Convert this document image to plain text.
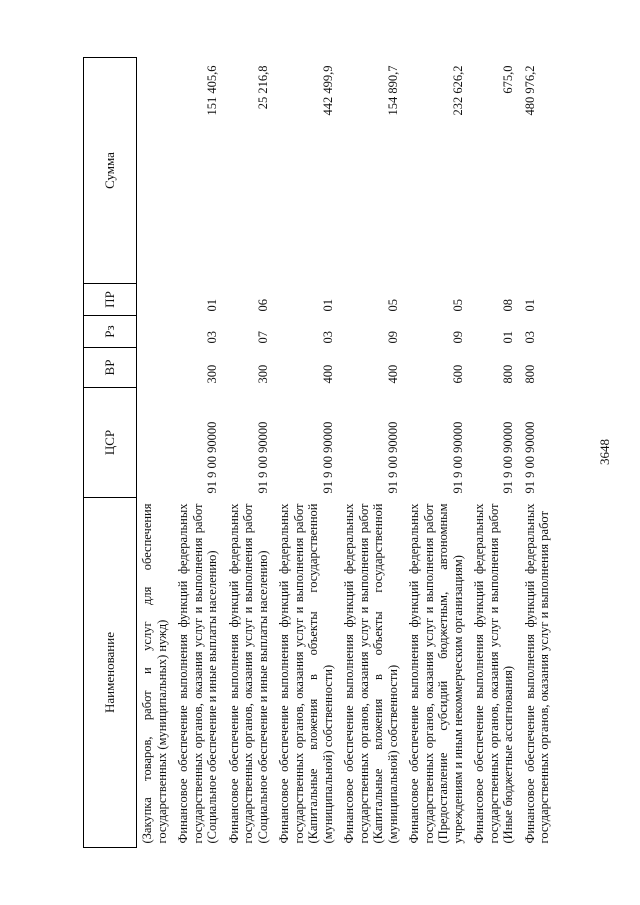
3648
Наименование	ЦСР	ВР	Рз	ПР	Сумма
(Закупка товаров, работ и услуг для обеспечения государственных (муниципальных) нужд)					
Финансовое обеспечение выполнения функций федеральных государственных органов, оказания услуг и выполнения работ (Социальное обеспечение и иные выплаты населению)	91 9 00 90000	300	03	01	151 405,6
Финансовое обеспечение выполнения функций федеральных государственных органов, оказания услуг и выполнения работ (Социальное обеспечение и иные выплаты населению)	91 9 00 90000	300	07	06	25 216,8
Финансовое обеспечение выполнения функций федеральных государственных органов, оказания услуг и выполнения работ (Капитальные вложения в объекты государственной (муниципальной) собственности)	91 9 00 90000	400	03	01	442 499,9
Финансовое обеспечение выполнения функций федеральных государственных органов, оказания услуг и выполнения работ (Капитальные вложения в объекты государственной (муниципальной) собственности)	91 9 00 90000	400	09	05	154 890,7
Финансовое обеспечение выполнения функций федеральных государственных органов, оказания услуг и выполнения работ (Предоставление субсидий бюджетным, автономным учреждениям и иным некоммерческим организациям)	91 9 00 90000	600	09	05	232 626,2
Финансовое обеспечение выполнения функций федеральных государственных органов, оказания услуг и выполнения работ (Иные бюджетные ассигнования)	91 9 00 90000	800	01	08	675,0
Финансовое обеспечение выполнения функций федеральных государственных органов, оказания услуг и выполнения работ	91 9 00 90000	800	03	01	480 976,2
